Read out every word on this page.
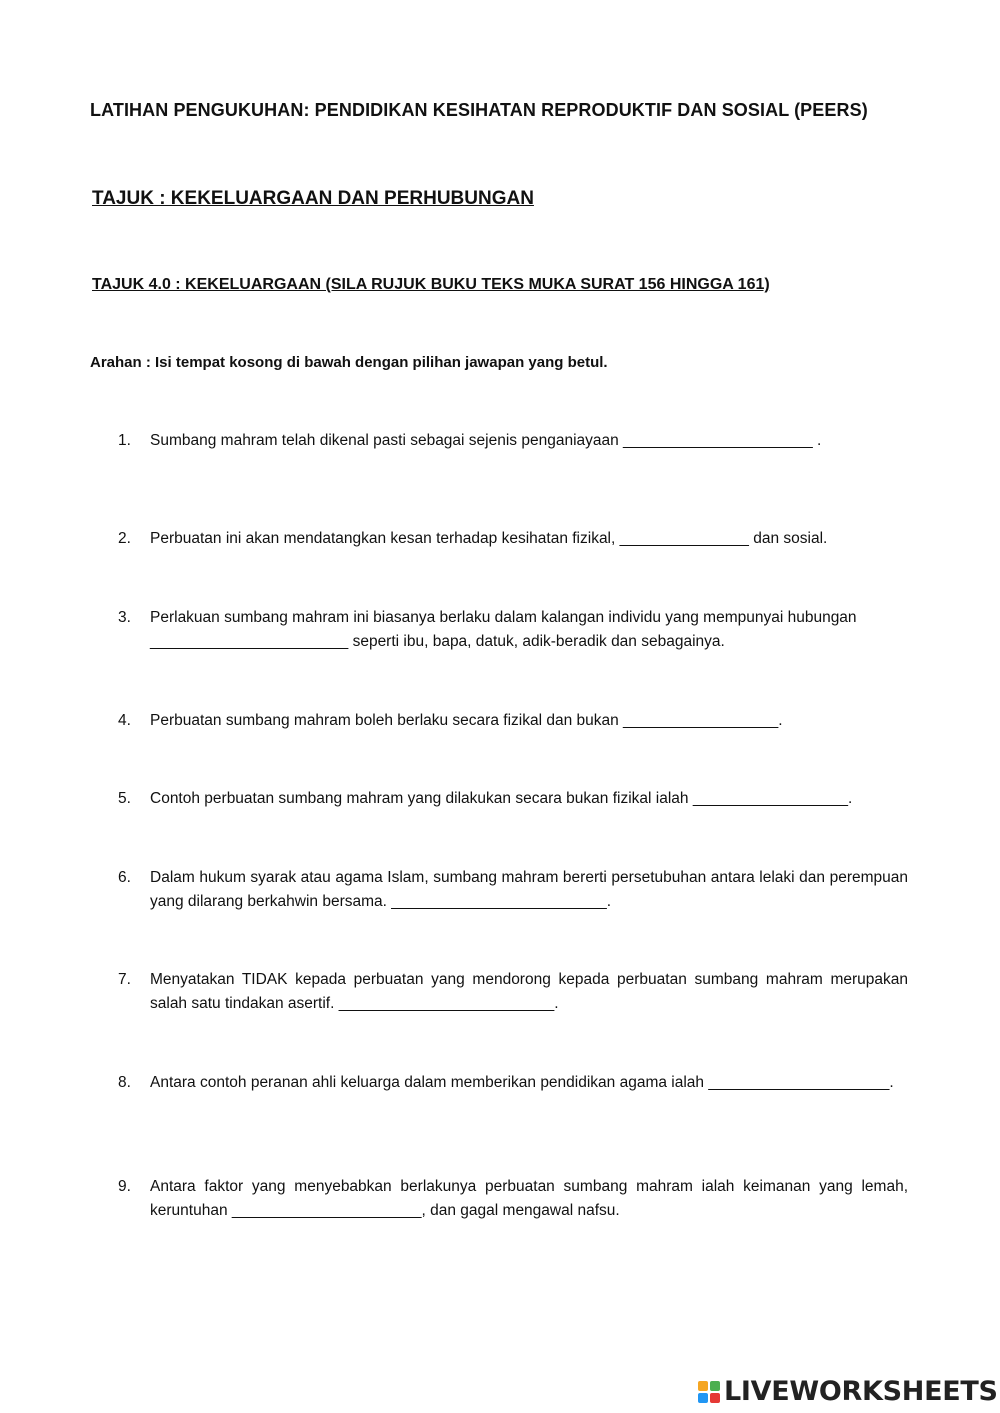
LATIHAN PENGUKUHAN: PENDIDIKAN KESIHATAN REPRODUKTIF DAN SOSIAL (PEERS)
TAJUK : KEKELUARGAAN DAN PERHUBUNGAN
TAJUK 4.0 : KEKELUARGAAN (SILA RUJUK BUKU TEKS MUKA SURAT 156 HINGGA 161)
Arahan : Isi tempat kosong di bawah dengan pilihan jawapan yang betul.
1.	Sumbang mahram telah dikenal pasti sebagai sejenis penganiayaan ______________________ .
2.	Perbuatan ini akan mendatangkan kesan terhadap kesihatan fizikal, _______________ dan sosial.
3.	Perlakuan sumbang mahram ini biasanya berlaku dalam kalangan individu yang mempunyai hubungan _______________________ seperti ibu, bapa, datuk, adik-beradik dan sebagainya.
4.	Perbuatan sumbang mahram boleh berlaku secara fizikal dan bukan __________________.
5.	Contoh perbuatan sumbang mahram yang dilakukan secara bukan fizikal ialah __________________.
6.	Dalam hukum syarak atau agama Islam, sumbang mahram bererti persetubuhan antara lelaki dan perempuan yang dilarang berkahwin bersama. _________________________.
7.	Menyatakan TIDAK kepada perbuatan yang mendorong kepada perbuatan sumbang mahram merupakan salah satu tindakan asertif. _________________________.
8.	Antara contoh peranan ahli keluarga dalam memberikan pendidikan agama ialah _____________________.
9.	Antara faktor yang menyebabkan berlakunya perbuatan sumbang mahram ialah keimanan yang lemah, keruntuhan ______________________, dan gagal mengawal nafsu.
LIVEWORKSHEETS
